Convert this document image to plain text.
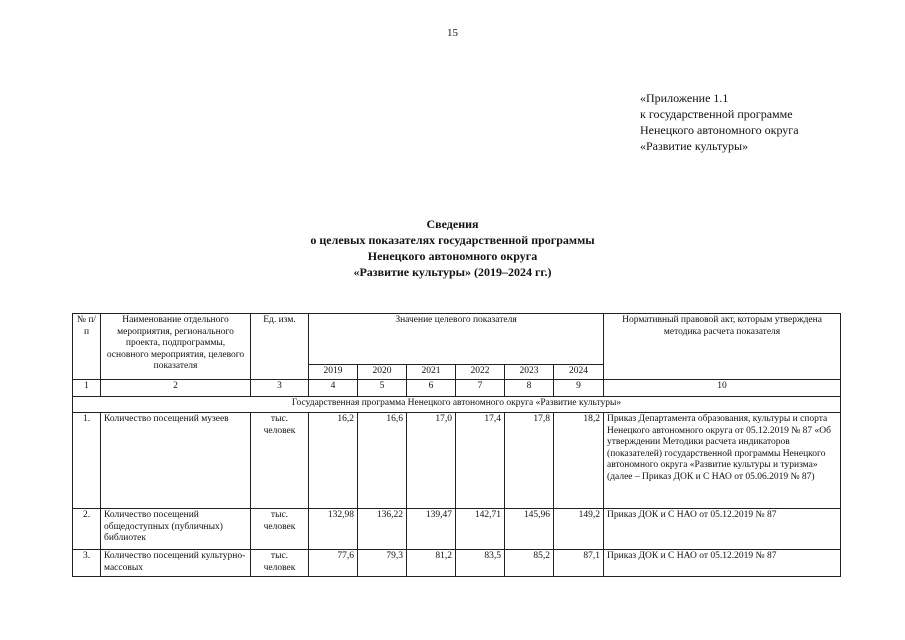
15
«Приложение 1.1
к государственной программе
Ненецкого автономного округа
«Развитие культуры»
Сведения
о целевых показателях государственной программы
Ненецкого автономного округа
«Развитие культуры» (2019–2024 гг.)
№ п/п	Наименование отдельного мероприятия, регионального проекта, подпрограммы, основного мероприятия, целевого показателя	Ед. изм.	Значение целевого показателя						Нормативный правовой акт, которым утверждена методика расчета показателя
			2019	2020	2021	2022	2023	2024	
1	2	3	4	5	6	7	8	9	10
Государственная программа Ненецкого автономного округа «Развитие культуры»									
1.	Количество посещений музеев	тыс. человек	16,2	16,6	17,0	17,4	17,8	18,2	Приказ Департамента образования, культуры и спорта Ненецкого автономного округа от 05.12.2019 № 87 «Об утверждении Методики расчета индикаторов (показателей) государственной программы Ненецкого автономного округа «Развитие культуры и туризма» (далее – Приказ ДОК и С НАО от 05.06.2019 № 87)
2.	Количество посещений общедоступных (публичных) библиотек	тыс. человек	132,98	136,22	139,47	142,71	145,96	149,2	Приказ ДОК и С НАО от 05.12.2019 № 87
3.	Количество посещений культурно-массовых	тыс. человек	77,6	79,3	81,2	83,5	85,2	87,1	Приказ ДОК и С НАО от 05.12.2019 № 87
